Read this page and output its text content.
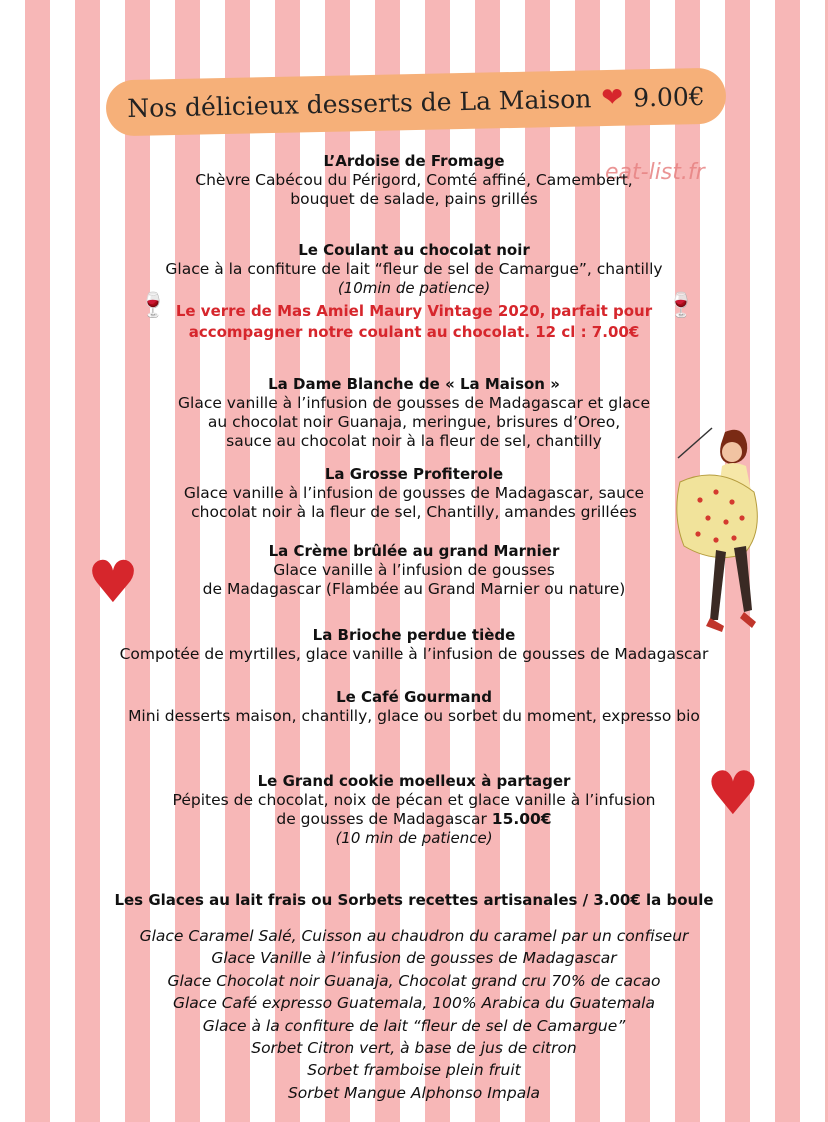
Nos délicieux desserts de La Maison ❤ 9.00€
eat-list.fr
L’Ardoise de Fromage
Chèvre Cabécou du Périgord, Comté affiné, Camembert,
bouquet de salade, pains grillés
Le Coulant au chocolat noir
Glace à la confiture de lait “fleur de sel de Camargue”, chantilly
(10min de patience)
🍷 Le verre de Mas Amiel Maury Vintage 2020, parfait pour
accompagner notre coulant au chocolat. 12 cl : 7.00€
🍷
La Dame Blanche de « La Maison »
Glace vanille à l’infusion de gousses de Madagascar et glace
au chocolat noir Guanaja, meringue, brisures d’Oreo,
sauce au chocolat noir à la fleur de sel, chantilly
La Grosse Profiterole
Glace vanille à l’infusion de gousses de Madagascar, sauce
chocolat noir à la fleur de sel, Chantilly, amandes grillées
La Crème brûlée au grand Marnier
Glace vanille à l’infusion de gousses
de Madagascar (Flambée au Grand Marnier ou nature)
La Brioche perdue tiède
Compotée de myrtilles, glace vanille à l’infusion de gousses de Madagascar
Le Café Gourmand
Mini desserts maison, chantilly, glace ou sorbet du moment, expresso bio
Le Grand cookie moelleux à partager
Pépites de chocolat, noix de pécan et glace vanille à l’infusion
de gousses de Madagascar 15.00€
(10 min de patience)
♥
♥
Les Glaces au lait frais ou Sorbets recettes artisanales / 3.00€ la boule
Glace Caramel Salé, Cuisson au chaudron du caramel par un confiseur
Glace Vanille à l’infusion de gousses de Madagascar
Glace Chocolat noir Guanaja, Chocolat grand cru 70% de cacao
Glace Café expresso Guatemala, 100% Arabica du Guatemala
Glace à la confiture de lait “fleur de sel de Camargue”
Sorbet Citron vert, à base de jus de citron
Sorbet framboise plein fruit
Sorbet Mangue Alphonso Impala
